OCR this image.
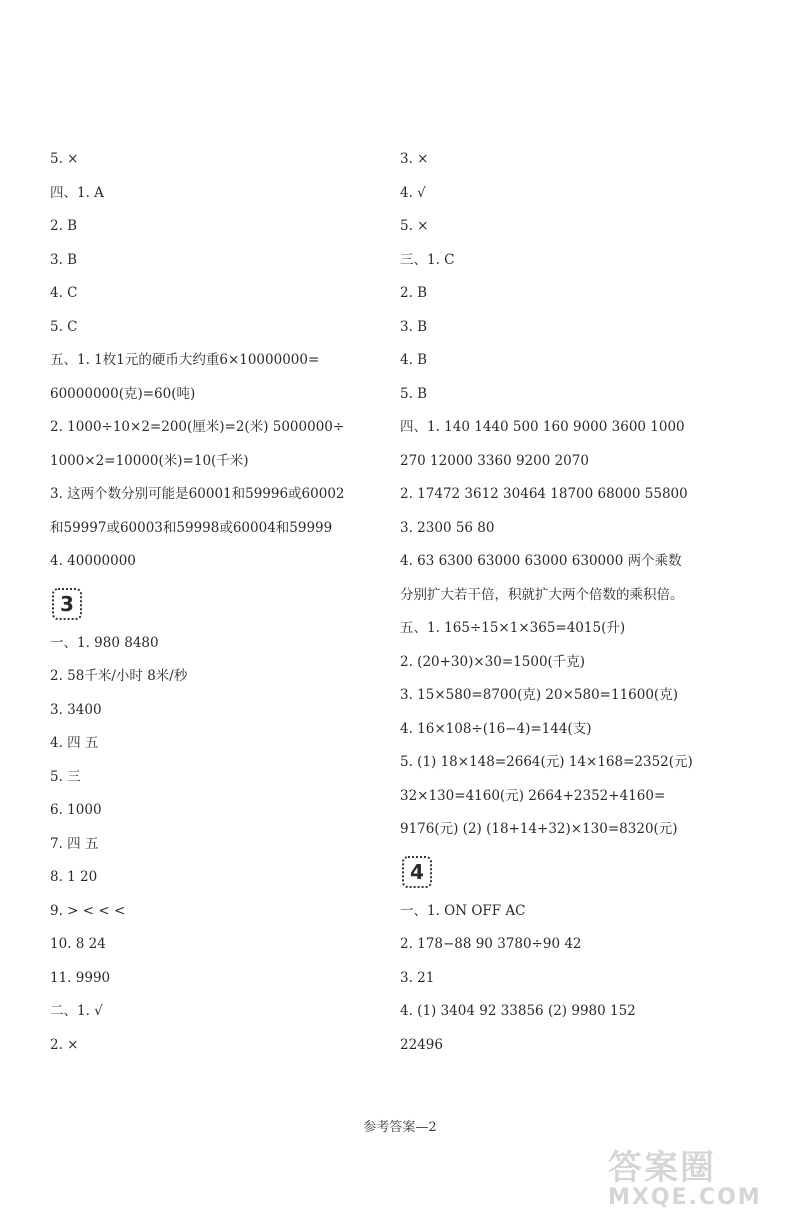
5. ×
四、1. A
2. B
3. B
4. C
5. C
五、1. 1枚1元的硬币大约重6×10000000=
60000000(克)=60(吨)
2. 1000÷10×2=200(厘米)=2(米) 5000000÷
1000×2=10000(米)=10(千米)
3. 这两个数分别可能是60001和59996或60002
和59997或60003和59998或60004和59999
4. 40000000
3
一、1. 980 8480
2. 58千米/小时 8米/秒
3. 3400
4. 四 五
5. 三
6. 1000
7. 四 五
8. 1 20
9. > < < <
10. 8 24
11. 9990
二、1. √
2. ×
3. ×
4. √
5. ×
三、1. C
2. B
3. B
4. B
5. B
四、1. 140 1440 500 160 9000 3600 1000
270 12000 3360 9200 2070
2. 17472 3612 30464 18700 68000 55800
3. 2300 56 80
4. 63 6300 63000 63000 630000 两个乘数
分别扩大若干倍，积就扩大两个倍数的乘积倍。
五、1. 165÷15×1×365=4015(升)
2. (20+30)×30=1500(千克)
3. 15×580=8700(克) 20×580=11600(克)
4. 16×108÷(16−4)=144(支)
5. (1) 18×148=2664(元) 14×168=2352(元)
32×130=4160(元) 2664+2352+4160=
9176(元) (2) (18+14+32)×130=8320(元)
4
一、1. ON OFF AC
2. 178−88 90 3780÷90 42
3. 21
4. (1) 3404 92 33856 (2) 9980 152
22496
参考答案—2
答案圈
MXQE.COM
